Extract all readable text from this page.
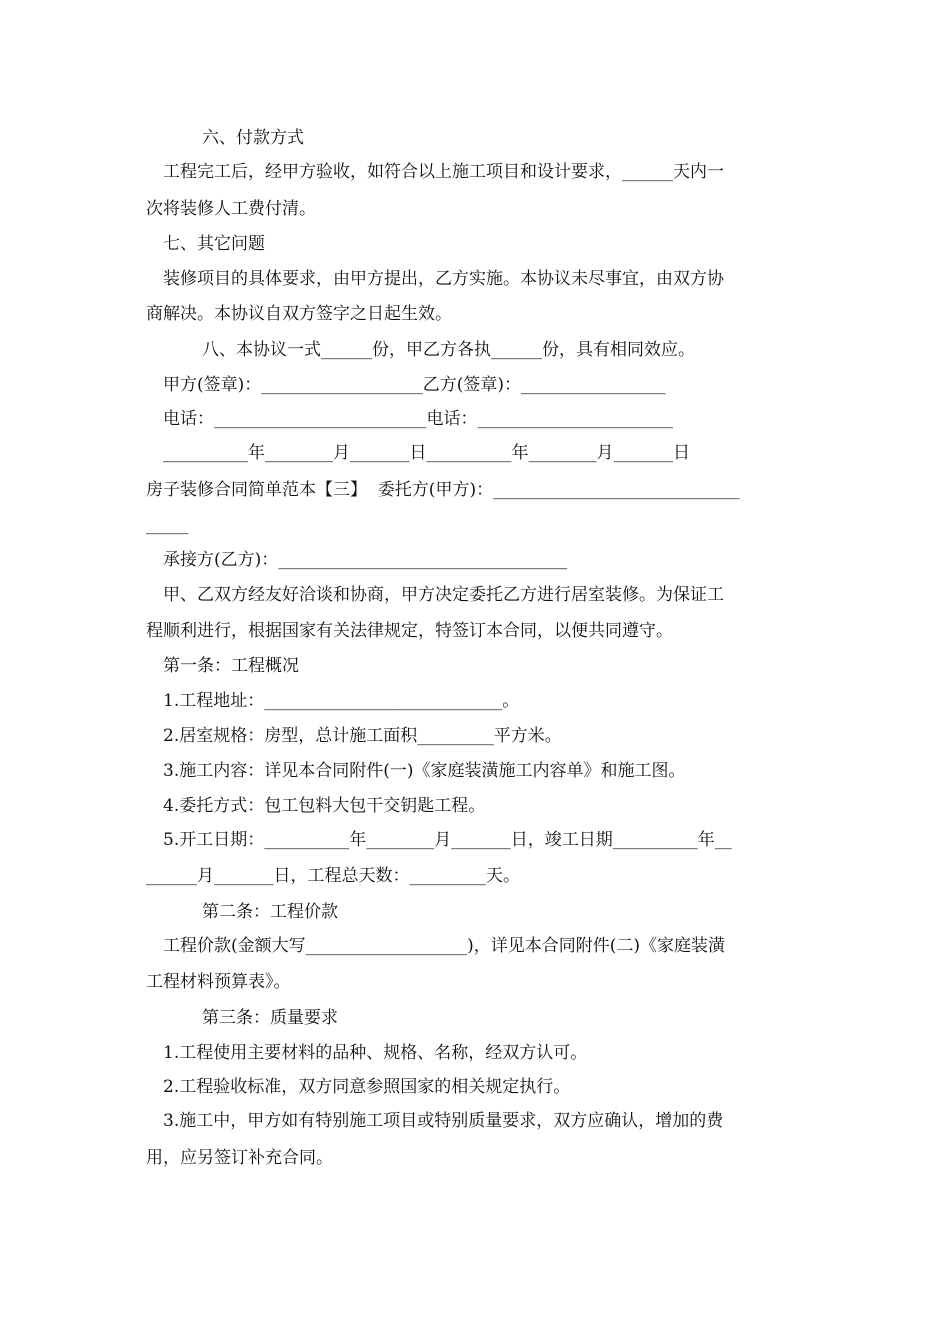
六、付款方式
工程完工后，经甲方验收，如符合以上施工项目和设计要求，______天内一
次将装修人工费付清。
七、其它问题
装修项目的具体要求，由甲方提出，乙方实施。本协议未尽事宜，由双方协
商解决。本协议自双方签字之日起生效。
八、本协议一式______份，甲乙方各执______份，具有相同效应。
甲方(签章)：___________________乙方(签章)：_________________
电话：_________________________电话：_______________________
__________年________月_______日__________年________月_______日
房子装修合同简单范本【三】  委托方(甲方)：_____________________________
_____
承接方(乙方)：__________________________________
甲、乙双方经友好洽谈和协商，甲方决定委托乙方进行居室装修。为保证工
程顺利进行，根据国家有关法律规定，特签订本合同，以便共同遵守。
第一条：工程概况
1.工程地址：____________________________。
2.居室规格：房型，总计施工面积_________平方米。
3.施工内容：详见本合同附件(一)《家庭装潢施工内容单》和施工图。
4.委托方式：包工包料大包干交钥匙工程。
5.开工日期：__________年________月_______日，竣工日期__________年__
______月_______日，工程总天数：_________天。
第二条：工程价款
工程价款(金额大写___________________)，详见本合同附件(二)《家庭装潢
工程材料预算表》。
第三条：质量要求
1.工程使用主要材料的品种、规格、名称，经双方认可。
2.工程验收标准，双方同意参照国家的相关规定执行。
3.施工中，甲方如有特别施工项目或特别质量要求，双方应确认，增加的费
用，应另签订补充合同。
